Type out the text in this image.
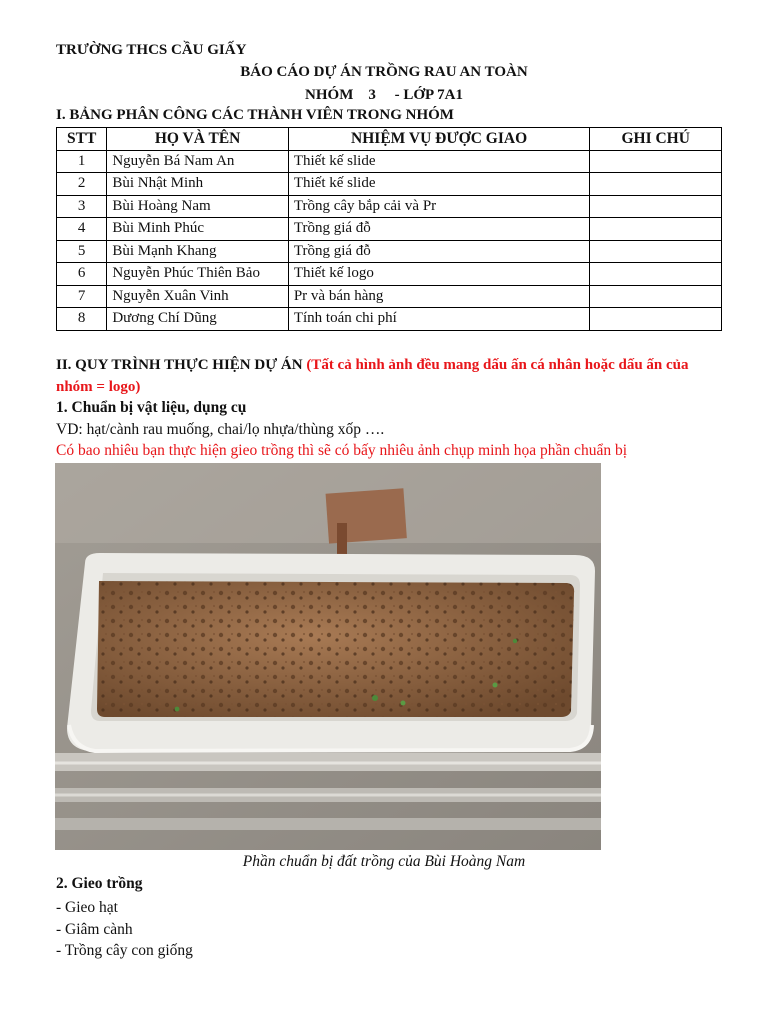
TRƯỜNG THCS CẦU GIẤY
BÁO CÁO DỰ ÁN TRỒNG RAU AN TOÀN
NHÓM 3 - LỚP 7A1
I. BẢNG PHÂN CÔNG CÁC THÀNH VIÊN TRONG NHÓM
STT	HỌ VÀ TÊN	NHIỆM VỤ ĐƯỢC GIAO	GHI CHÚ
1	Nguyễn Bá Nam An	Thiết kế slide	
2	Bùi Nhật Minh	Thiết kế slide	
3	Bùi Hoàng Nam	Trồng cây bắp cải và Pr	
4	Bùi Minh Phúc	Trồng giá đỗ	
5	Bùi Mạnh Khang	Trồng giá đỗ	
6	Nguyễn Phúc Thiên Bảo	Thiết kế logo	
7	Nguyễn Xuân Vinh	Pr và bán hàng	
8	Dương Chí Dũng	Tính toán chi phí	
II. QUY TRÌNH THỰC HIỆN DỰ ÁN (Tất cả hình ảnh đều mang dấu ấn cá nhân hoặc dấu ấn của nhóm = logo)
1. Chuẩn bị vật liệu, dụng cụ
VD: hạt/cành rau muống, chai/lọ nhựa/thùng xốp ….
Có bao nhiêu bạn thực hiện gieo trồng thì sẽ có bấy nhiêu ảnh chụp minh họa phần chuẩn bị
Phần chuẩn bị đất trồng của Bùi Hoàng Nam
2. Gieo trồng
- Gieo hạt
- Giâm cành
- Trồng cây con giống
